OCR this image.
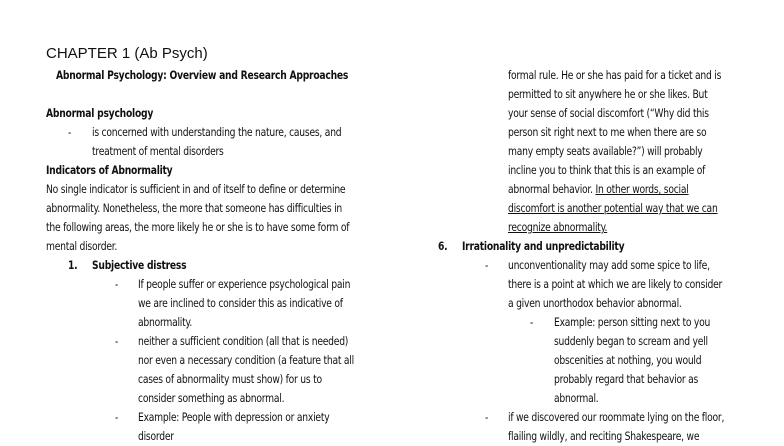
CHAPTER 1 (Ab Psych)
Abnormal Psychology: Overview and Research Approaches
Abnormal psychology
- is concerned with understanding the nature, causes, and
treatment of mental disorders
Indicators of Abnormality
No single indicator is sufficient in and of itself to define or determine
abnormality. Nonetheless, the more that someone has difficulties in
the following areas, the more likely he or she is to have some form of
mental disorder.
1. Subjective distress
- If people suffer or experience psychological pain
we are inclined to consider this as indicative of
abnormality.
- neither a sufficient condition (all that is needed)
nor even a necessary condition (a feature that all
cases of abnormality must show) for us to
consider something as abnormal.
- Example: People with depression or anxiety
disorder
formal rule. He or she has paid for a ticket and is
permitted to sit anywhere he or she likes. But
your sense of social discomfort (“Why did this
person sit right next to me when there are so
many empty seats available?”) will probably
incline you to think that this is an example of
abnormal behavior. In other words, social
discomfort is another potential way that we can
recognize abnormality.
6. Irrationality and unpredictability
- unconventionality may add some spice to life,
there is a point at which we are likely to consider
a given unorthodox behavior abnormal.
- Example: person sitting next to you
suddenly began to scream and yell
obscenities at nothing, you would
probably regard that behavior as
abnormal.
- if we discovered our roommate lying on the floor,
flailing wildly, and reciting Shakespeare, we
